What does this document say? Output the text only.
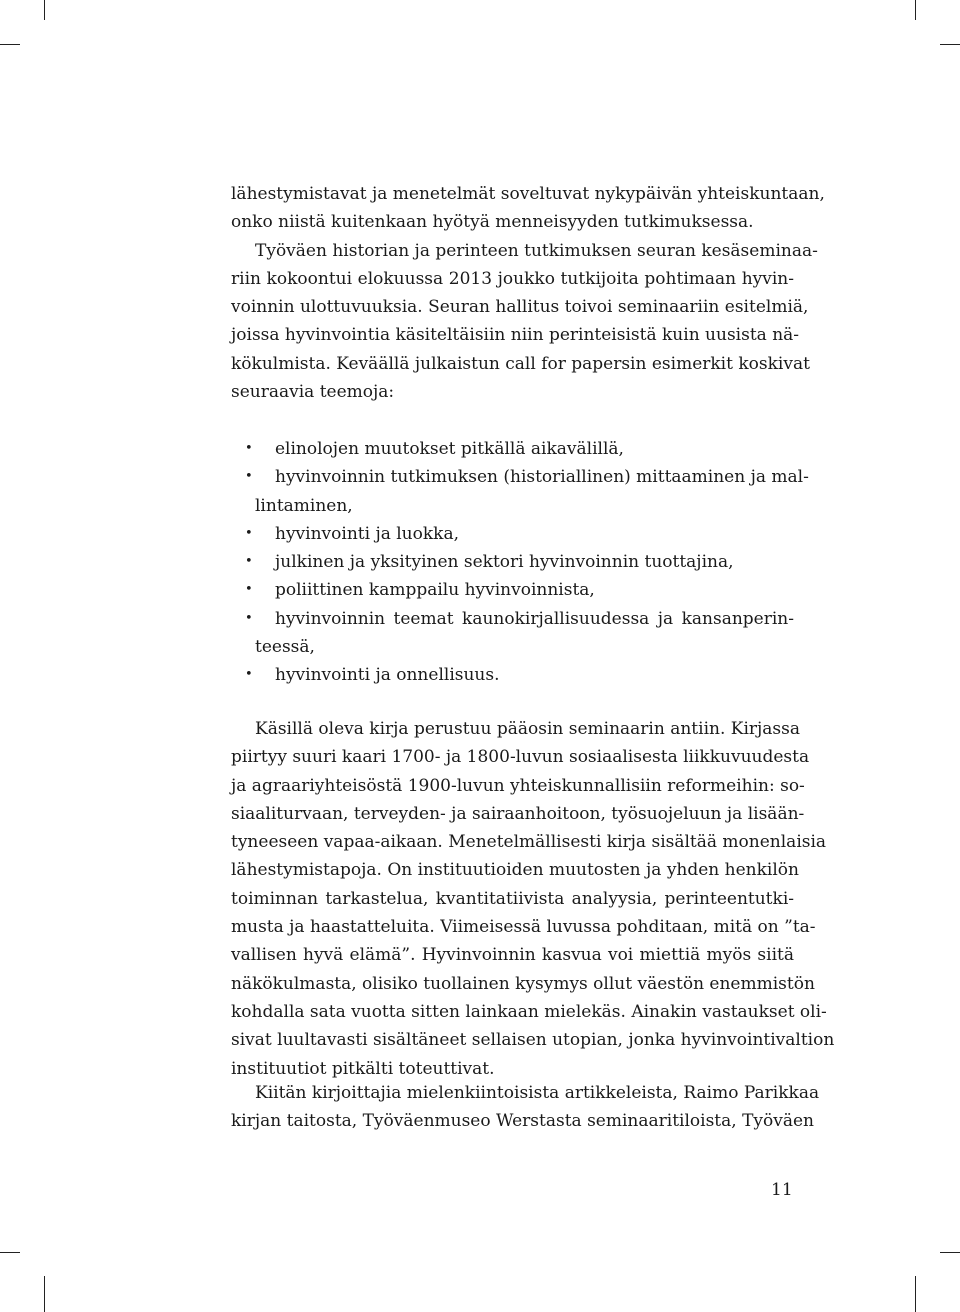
lähestymistavat ja menetelmät soveltuvat nykypäivän yhteiskuntaan,
onko niistä kuitenkaan hyötyä menneisyyden tutkimuksessa.
Työväen historian ja perinteen tutkimuksen seuran kesäseminaa-
riin kokoontui elokuussa 2013 joukko tutkijoita pohtimaan hyvin-
voinnin ulottuvuuksia. Seuran hallitus toivoi seminaariin esitelmiä,
joissa hyvinvointia käsiteltäisiin niin perinteisistä kuin uusista nä-
kökulmista. Keväällä julkaistun call for papersin esimerkit koskivat
seuraavia teemoja:
•	elinolojen muutokset pitkällä aikavälillä,
•	hyvinvoinnin tutkimuksen (historiallinen) mittaaminen ja mal-
lintaminen,
•	hyvinvointi ja luokka,
•	julkinen ja yksityinen sektori hyvinvoinnin tuottajina,
•	poliittinen kamppailu hyvinvoinnista,
•	hyvinvoinnin teemat kaunokirjallisuudessa ja kansanperin-
teessä,
•	hyvinvointi ja onnellisuus.
Käsillä oleva kirja perustuu pääosin seminaarin antiin. Kirjassa
piirtyy suuri kaari 1700- ja 1800-luvun sosiaalisesta liikkuvuudesta
ja agraariyhteisöstä 1900-luvun yhteiskunnallisiin reformeihin: so-
siaaliturvaan, terveyden- ja sairaanhoitoon, työsuojeluun ja lisään-
tyneeseen vapaa-aikaan. Menetelmällisesti kirja sisältää monenlaisia
lähestymistapoja. On instituutioiden muutosten ja yhden henkilön
toiminnan tarkastelua, kvantitatiivista analyysia, perinteentutki-
musta ja haastatteluita. Viimeisessä luvussa pohditaan, mitä on ”ta-
vallisen hyvä elämä”. Hyvinvoinnin kasvua voi miettiä myös siitä
näkökulmasta, olisiko tuollainen kysymys ollut väestön enemmistön
kohdalla sata vuotta sitten lainkaan mielekäs. Ainakin vastaukset oli-
sivat luultavasti sisältäneet sellaisen utopian, jonka hyvinvointivaltion
instituutiot pitkälti toteuttivat.
Kiitän kirjoittajia mielenkiintoisista artikkeleista, Raimo Parikkaa
kirjan taitosta, Työväenmuseo Werstasta seminaaritiloista, Työväen
11
